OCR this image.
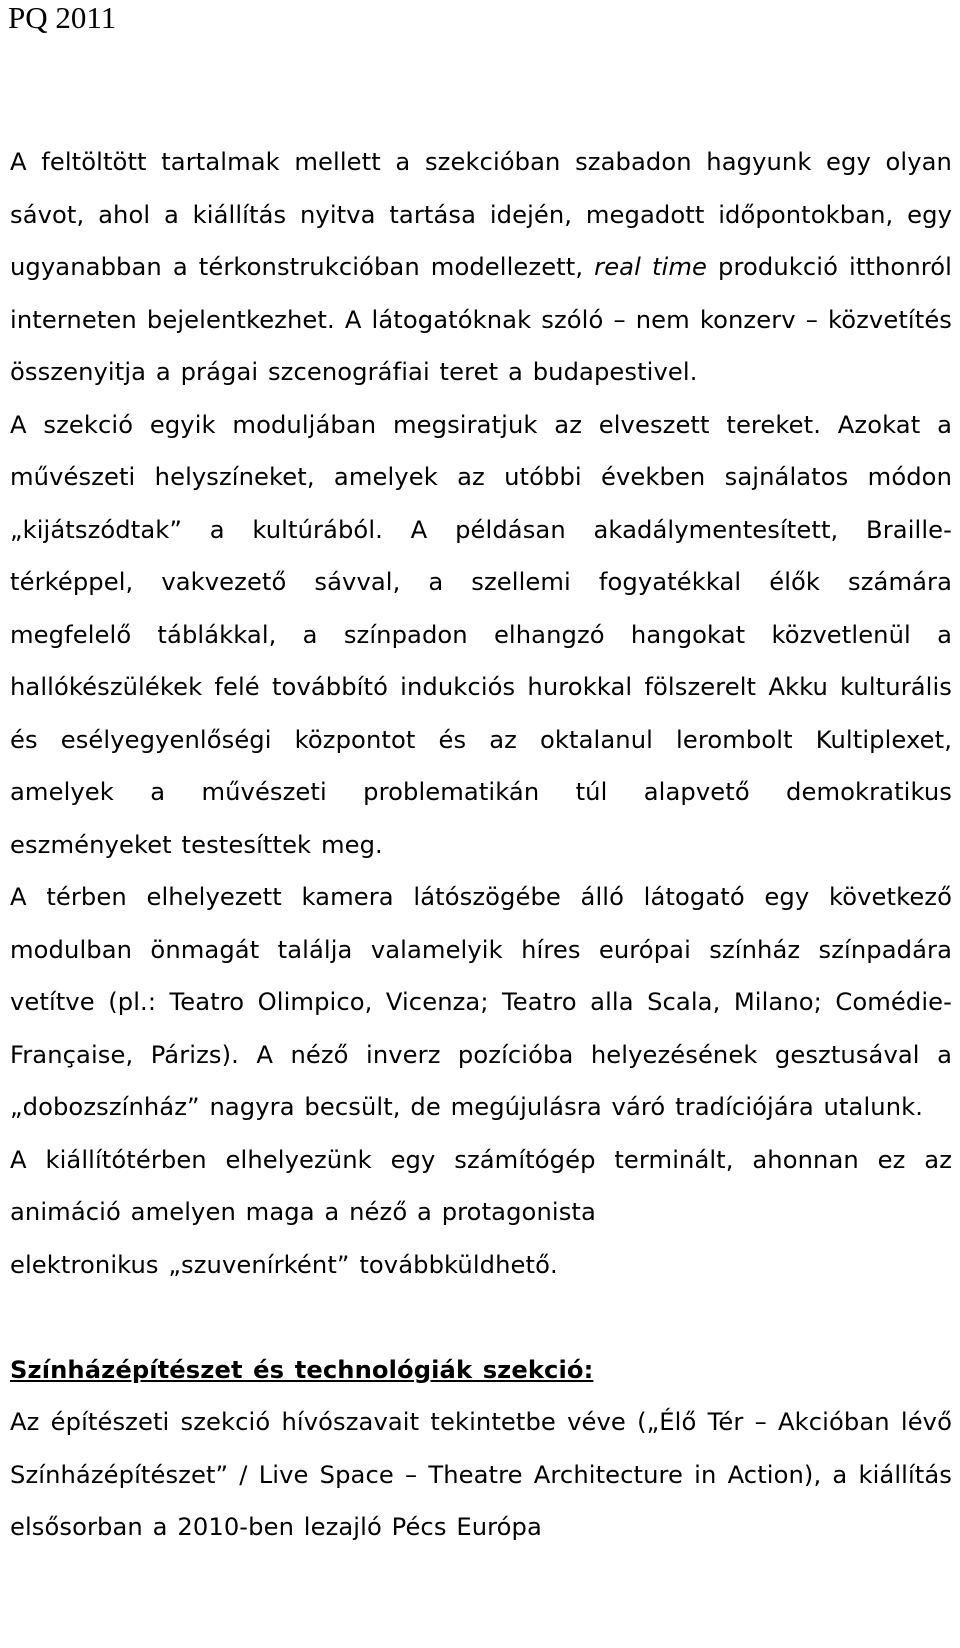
PQ 2011

A feltöltött tartalmak mellett a szekcióban szabadon hagyunk egy olyan sávot, ahol a kiállítás nyitva tartása idején, megadott időpontokban, egy ugyanabban a térkonstrukcióban modellezett, real time produkció itthonról interneten bejelentkezhet. A látogatóknak szóló – nem konzerv – közvetítés összenyitja a prágai szcenográfiai teret a budapestivel.

A szekció egyik moduljában megsiratjuk az elveszett tereket. Azokat a művészeti helyszíneket, amelyek az utóbbi években sajnálatos módon „kijátszódtak” a kultúrából. A példásan akadálymentesített, Braille-térképpel, vakvezető sávval, a szellemi fogyatékkal élők számára megfelelő táblákkal, a színpadon elhangzó hangokat közvetlenül a hallókészülékek felé továbbító indukciós hurokkal fölszerelt Akku kulturális és esélyegyenlőségi központot és az oktalanul lerombolt Kultiplexet, amelyek a művészeti problematikán túl alapvető demokratikus eszményeket testesíttek meg.

A térben elhelyezett kamera látószögébe álló látogató egy következő modulban önmagát találja valamelyik híres európai színház színpadára vetítve (pl.: Teatro Olimpico, Vicenza; Teatro alla Scala, Milano; Comédie-Française, Párizs). A néző inverz pozícióba helyezésének gesztusával a „dobozszínház” nagyra becsült, de megújulásra váró tradíciójára utalunk.

A kiállítótérben elhelyezünk egy számítógép terminált, ahonnan ez az animáció amelyen maga a néző a protagonista
elektronikus „szuvenírként” továbbküldhető.

Színházépítészet és technológiák szekció:

Az építészeti szekció hívószavait tekintetbe véve („Élő Tér – Akcióban lévő Színházépítészet” / Live Space – Theatre Architecture in Action), a kiállítás elsősorban a 2010-ben lezajló Pécs Európa
